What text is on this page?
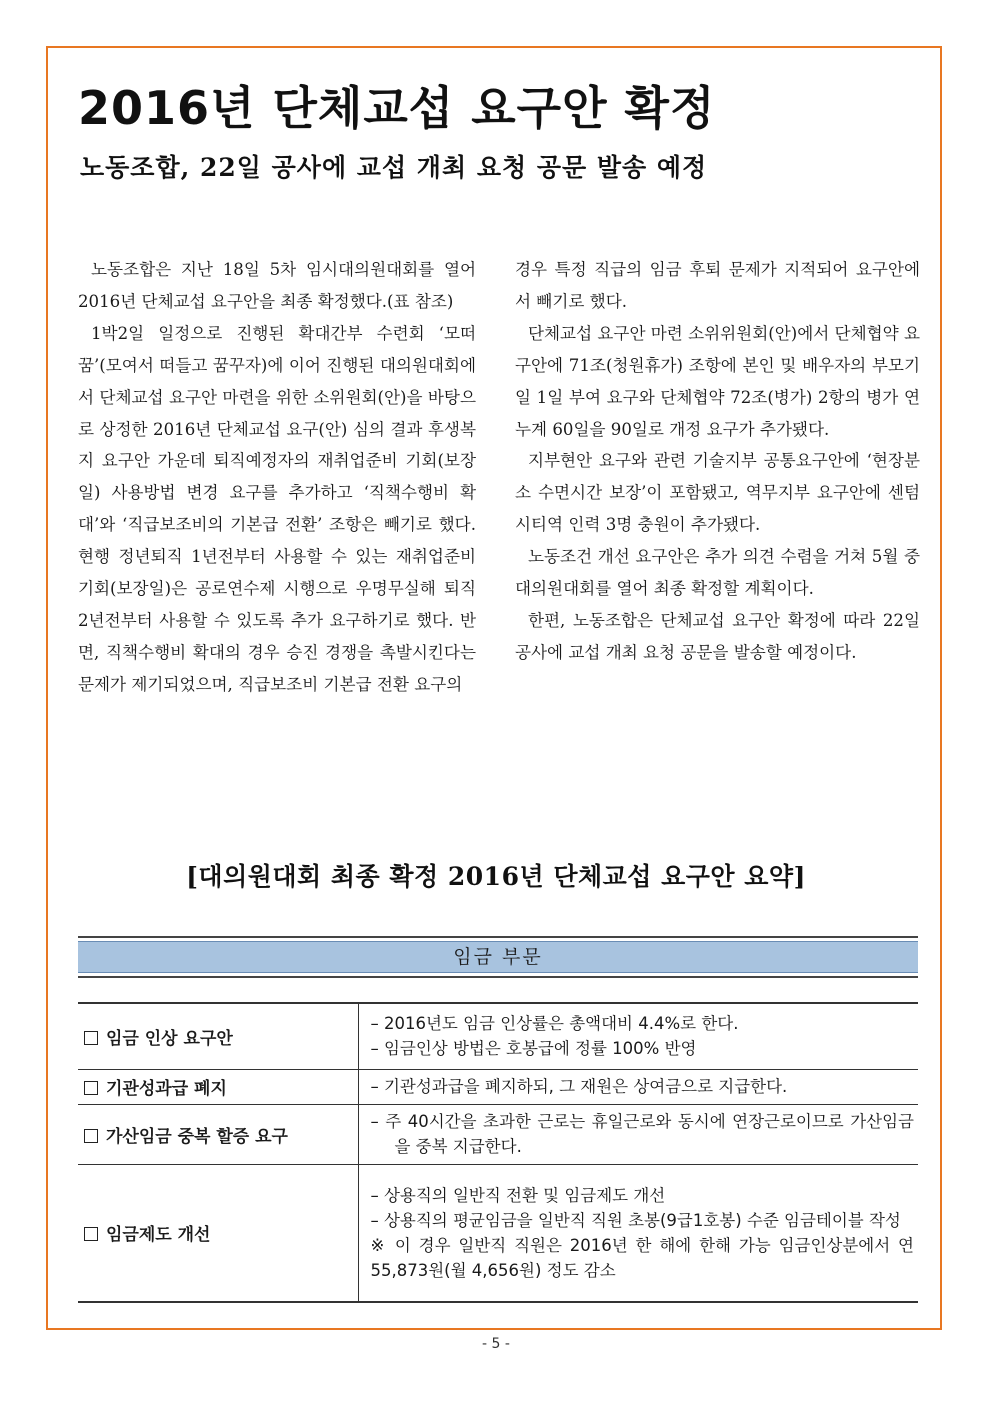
2016년 단체교섭 요구안 확정
노동조합, 22일 공사에 교섭 개최 요청 공문 발송 예정

노동조합은 지난 18일 5차 임시대의원대회를 열어 2016년 단체교섭 요구안을 최종 확정했다.(표 참조)

1박2일 일정으로 진행된 확대간부 수련회 ‘모떠꿈’(모여서 떠들고 꿈꾸자)에 이어 진행된 대의원대회에서 단체교섭 요구안 마련을 위한 소위원회(안)을 바탕으로 상정한 2016년 단체교섭 요구(안) 심의 결과 후생복지 요구안 가운데 퇴직예정자의 재취업준비 기회(보장일) 사용방법 변경 요구를 추가하고 ‘직책수행비 확대’와 ‘직급보조비의 기본급 전환’ 조항은 빼기로 했다. 현행 정년퇴직 1년전부터 사용할 수 있는 재취업준비 기회(보장일)은 공로연수제 시행으로 우명무실해 퇴직 2년전부터 사용할 수 있도록 추가 요구하기로 했다. 반면, 직책수행비 확대의 경우 승진 경쟁을 촉발시킨다는 문제가 제기되었으며, 직급보조비 기본급 전환 요구의

경우 특정 직급의 임금 후퇴 문제가 지적되어 요구안에서 빼기로 했다.

단체교섭 요구안 마련 소위위원회(안)에서 단체협약 요구안에 71조(청원휴가) 조항에 본인 및 배우자의 부모기일 1일 부여 요구와 단체협약 72조(병가) 2항의 병가 연누계 60일을 90일로 개정 요구가 추가됐다.

지부현안 요구와 관련 기술지부 공통요구안에 ‘현장분소 수면시간 보장’이 포함됐고, 역무지부 요구안에 센텀시티역 인력 3명 충원이 추가됐다.

노동조건 개선 요구안은 추가 의견 수렴을 거쳐 5월 중 대의원대회를 열어 최종 확정할 계획이다.

한편, 노동조합은 단체교섭 요구안 확정에 따라 22일 공사에 교섭 개최 요청 공문을 발송할 예정이다.

[대의원대회 최종 확정 2016년 단체교섭 요구안 요약]
임금 부문
임금 인상 요구안	– 2016년도 임금 인상률은 총액대비 4.4%로 한다.
– 임금인상 방법은 호봉급에 정률 100% 반영

기관성과급 폐지	– 기관성과급을 폐지하되, 그 재원은 상여금으로 지급한다.

가산임금 중복 할증 요구	– 주 40시간을 초과한 근로는 휴일근로와 동시에 연장근로이므로 가산임금을 중복 지급한다.

임금제도 개선	– 상용직의 일반직 전환 및 임금제도 개선
– 상용직의 평균임금을 일반직 직원 초봉(9급1호봉) 수준 임금테이블 작성
※ 이 경우 일반직 직원은 2016년 한 해에 한해 가능 임금인상분에서 연 55,873원(월 4,656원) 정도 감소
- 5 -
